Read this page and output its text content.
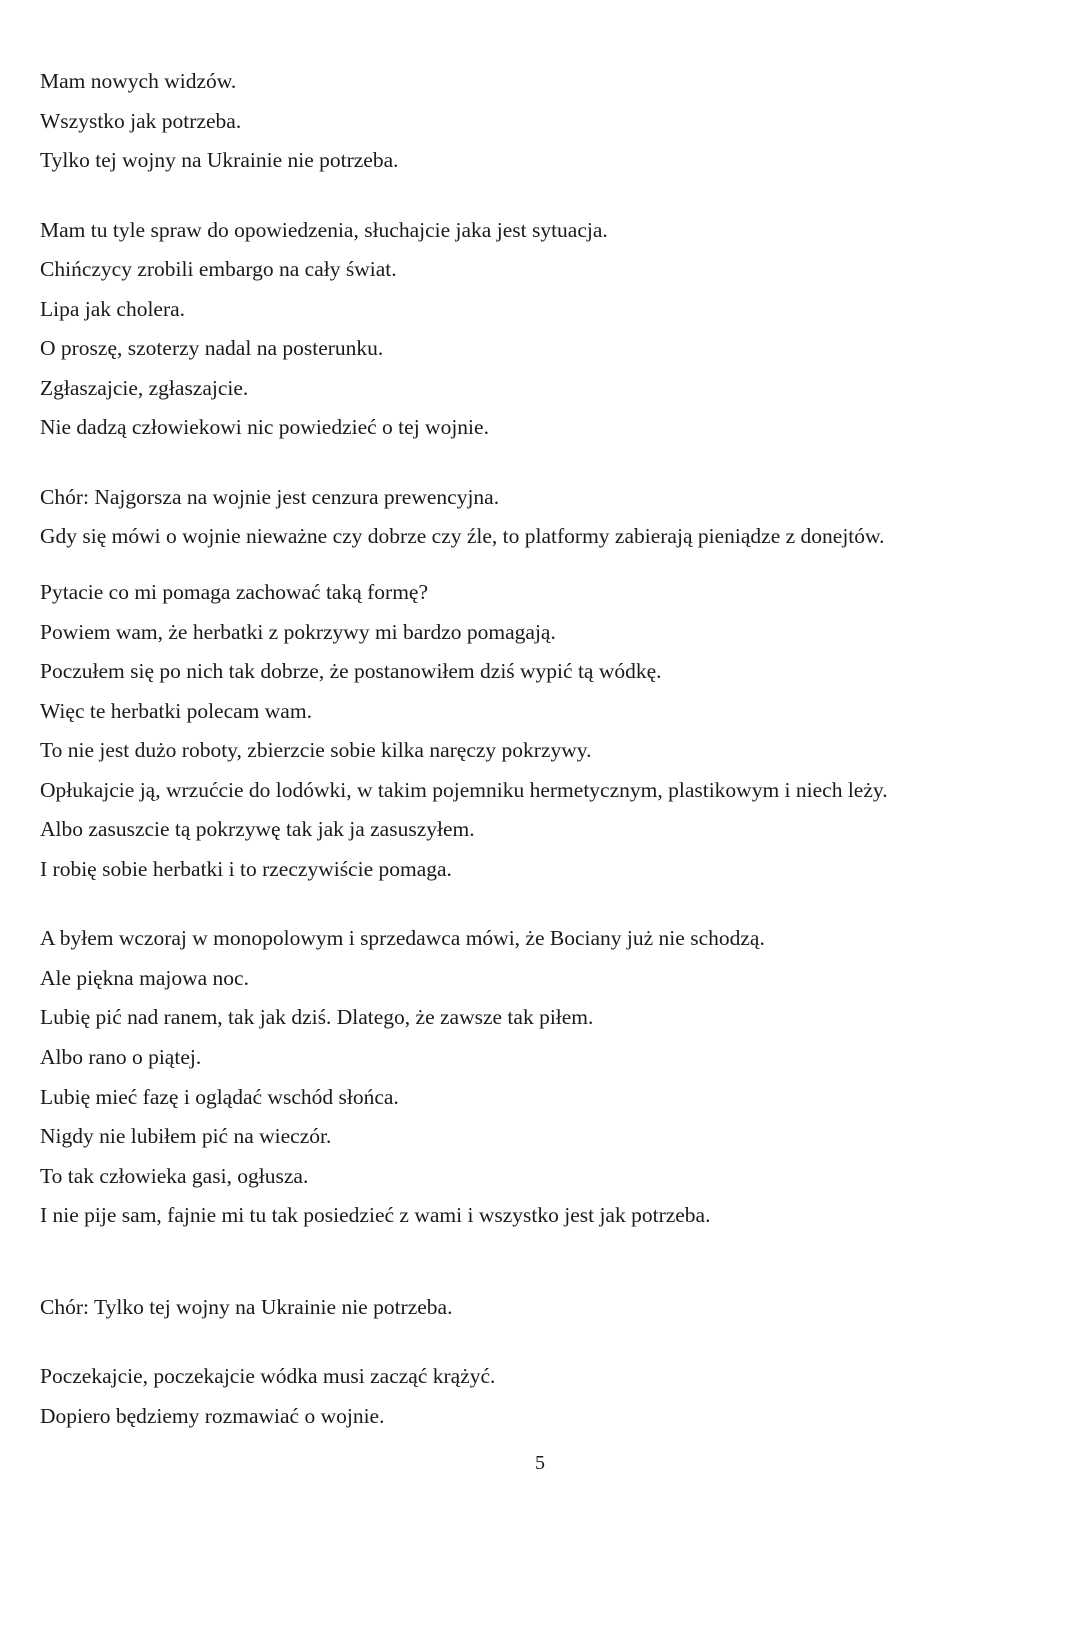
Mam nowych widzów.
Wszystko jak potrzeba.
Tylko tej wojny na Ukrainie nie potrzeba.

Mam tu tyle spraw do opowiedzenia, słuchajcie jaka jest sytuacja.
Chińczycy zrobili embargo na cały świat.
Lipa jak cholera.
O proszę, szoterzy nadal na posterunku.
Zgłaszajcie, zgłaszajcie.
Nie dadzą człowiekowi nic powiedzieć o tej wojnie.

Chór: Najgorsza na wojnie jest cenzura prewencyjna.
Gdy się mówi o wojnie nieważne czy dobrze czy źle, to platformy zabierają pieniądze z donejtów.

Pytacie co mi pomaga zachować taką formę?
Powiem wam, że herbatki z pokrzywy mi bardzo pomagają.
Poczułem się po nich tak dobrze, że postanowiłem dziś wypić tą wódkę.
Więc te herbatki polecam wam.
To nie jest dużo roboty, zbierzcie sobie kilka naręczy pokrzywy.
Opłukajcie ją, wrzućcie do lodówki, w takim pojemniku hermetycznym, plastikowym i niech leży.
Albo zasuszcie tą pokrzywę tak jak ja zasuszyłem.
I robię sobie herbatki i to rzeczywiście pomaga.

A byłem wczoraj w monopolowym i sprzedawca mówi, że Bociany już nie schodzą.
Ale piękna majowa noc.
Lubię pić nad ranem, tak jak dziś. Dlatego, że zawsze tak piłem.
Albo rano o piątej.
Lubię mieć fazę i oglądać wschód słońca.
Nigdy nie lubiłem pić na wieczór.
To tak człowieka gasi, ogłusza.
I nie pije sam, fajnie mi tu tak posiedzieć z wami i wszystko jest jak potrzeba.

Chór: Tylko tej wojny na Ukrainie nie potrzeba.

Poczekajcie, poczekajcie wódka musi zacząć krążyć.
Dopiero będziemy rozmawiać o wojnie.

5
